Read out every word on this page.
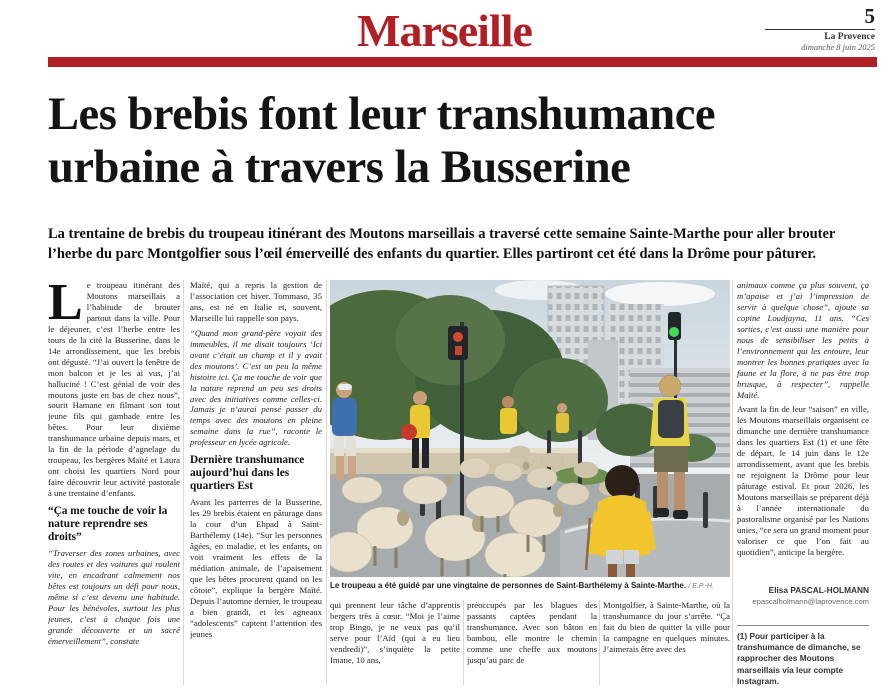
Marseille	5
La Provence
dimanche 8 juin 2025
Les brebis font leur transhumance urbaine à travers la Busserine
La trentaine de brebis du troupeau itinérant des Moutons marseillais a traversé cette semaine Sainte-Marthe pour aller brouter l’herbe du parc Montgolfier sous l’œil émerveillé des enfants du quartier. Elles partiront cet été dans la Drôme pour pâturer.

Le troupeau itinérant des Moutons marseillais a l’habitude de brouter partout dans la ville. Pour le déjeuner, c’est l’herbe entre les tours de la cité la Busserine, dans le 14e arrondissement, que les brebis ont dégusté. “J’ai ouvert la fenêtre de mon balcon et je les ai vus, j’ai halluciné ! C’est génial de voir des moutons juste en bas de chez nous”, sourit Hamane en filmant son tout jeune fils qui gambade entre les bêtes. Pour leur dixième transhumance urbaine depuis mars, et la fin de la période d’agnelage du troupeau, les bergères Maïté et Laura ont choisi les quartiers Nord pour faire découvrir leur activité pastorale à une trentaine d’enfants.

“Ça me touche de voir la nature reprendre ses droits”

“Traverser des zones urbaines, avec des routes et des voitures qui roulent vite, en encadrant calmement nos bêtes est toujours un défi pour nous, même si c’est devenu une habitude. Pour les bénévoles, surtout les plus jeunes, c’est à chaque fois une grande découverte et un sacré émerveillement”, constate

Maïté, qui a repris la gestion de l’association cet hiver. Tommaso, 35 ans, est né en Italie et, souvent, Marseille lui rappelle son pays.

“Quand mon grand-père voyait des immeubles, il me disait toujours ‘Ici avant c’était un champ et il y avait des moutons’. C’est un peu la même histoire ici. Ça me touche de voir que la nature reprend un peu ses droits avec des initiatives comme celles-ci. Jamais je n’aurai pensé passer du temps avec des moutons en pleine semaine dans la rue”, raconte le professeur en lycée agricole.

Dernière transhumance aujourd’hui dans les quartiers Est

Avant les parterres de la Busserine, les 29 brebis étaient en pâturage dans la cour d’un Ehpad à Saint-Barthélemy (14e). “Sur les personnes âgées, en maladie, et les enfants, on voit vraiment les effets de la médiation animale, de l’apaisement que les bêtes procurent quand on les côtoie”, explique la bergère Maïté. Depuis l’automne dernier, le troupeau a bien grandi, et les agneaux “adolescents” captent l’attention des jeunes

Le troupeau a été guidé par une vingtaine de personnes de Saint-Barthélemy à Sainte-Marthe. / E.P.-H.
qui prennent leur tâche d’apprentis bergers très à cœur. “Moi je l’aime trop Bingo, je ne veux pas qu’il serve pour l’Aïd (qui a eu lieu vendredi)”, s’inquiète la petite Imane, 10 ans,
préoccupés par les blagues des passants captées pendant la transhumance. Avec son bâton en bambou, elle montre le chemin comme une cheffe aux moutons jusqu’au parc de
Montgolfier, à Sainte-Marthe, où la transhumance du jour s’arrête. “Ça fait du bien de quitter la ville pour la campagne en quelques minutes. J’aimerais être avec des

animaux comme ça plus souvent, ça m’apaise et j’ai l’impression de servir à quelque chose”, ajoute sa copine Loudjayna, 11 ans. “Ces sorties, c’est aussi une manière pour nous de sensibiliser les petits à l’environnement qui les entoure, leur montrer les bonnes pratiques avec la faune et la flore, à ne pas être trop brusque, à respecter”, rappelle Maïté.

Avant la fin de leur “saison” en ville, les Moutons marseillais organisent ce dimanche une dernière transhumance dans les quartiers Est (1) et une fête de départ, le 14 juin dans le 12e arrondissement, avant que les brebis ne rejoignent la Drôme pour leur pâturage estival. Et pour 2026, les Moutons marseillais se préparent déjà à l’année internationale du pastoralisme organisé par les Nations unies, “ce sera un grand moment pour valoriser ce que l’on fait au quotidien”, anticipe la bergère.

Elisa PASCAL-HOLMANN
epascalholmann@laprovence.com
(1) Pour participer à la transhumance de dimanche, se rapprocher des Moutons marseillais via leur compte Instagram.
